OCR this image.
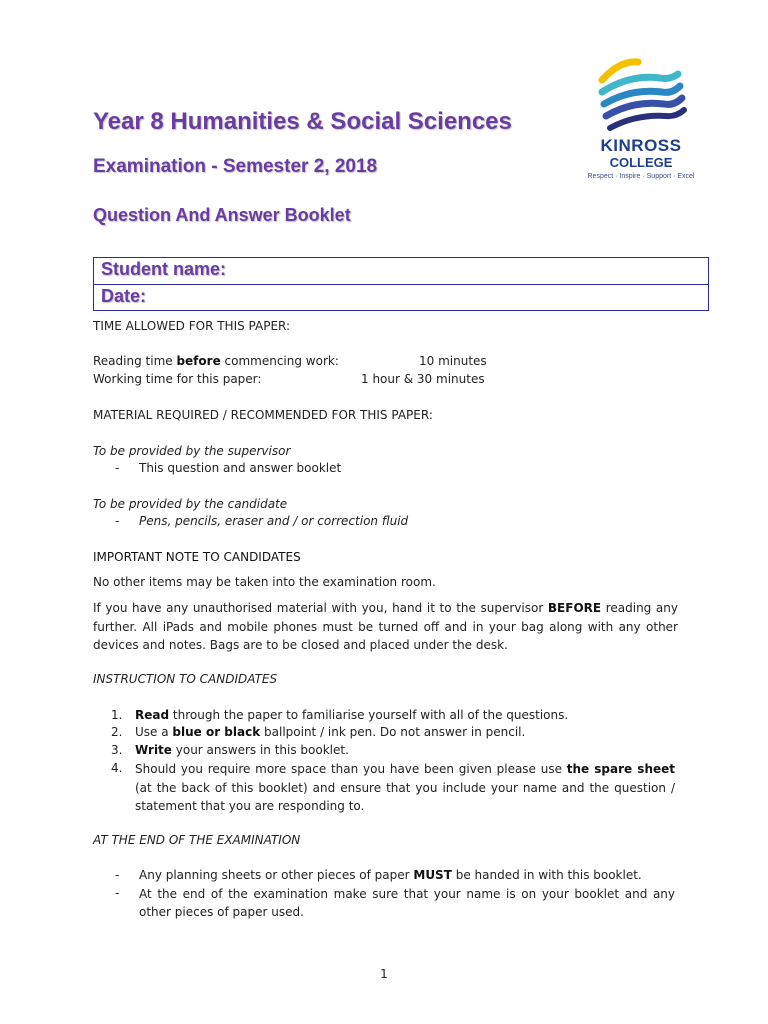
Year 8 Humanities & Social Sciences
Examination - Semester 2, 2018
Question And Answer Booklet
KINROSS
COLLEGE
Respect · Inspire · Support · Excel
Student name:
Date:
TIME ALLOWED FOR THIS PAPER:
Reading time before commencing work:	10 minutes
Working time for this paper:	1 hour & 30 minutes
MATERIAL REQUIRED / RECOMMENDED FOR THIS PAPER:
To be provided by the supervisor
- This question and answer booklet
To be provided by the candidate
- Pens, pencils, eraser and / or correction fluid
IMPORTANT NOTE TO CANDIDATES
No other items may be taken into the examination room.
If you have any unauthorised material with you, hand it to the supervisor BEFORE reading any further. All iPads and mobile phones must be turned off and in your bag along with any other devices and notes. Bags are to be closed and placed under the desk.
INSTRUCTION TO CANDIDATES
1. Read through the paper to familiarise yourself with all of the questions.
2. Use a blue or black ballpoint / ink pen. Do not answer in pencil.
3. Write your answers in this booklet.
4. Should you require more space than you have been given please use the spare sheet (at the back of this booklet) and ensure that you include your name and the question / statement that you are responding to.
AT THE END OF THE EXAMINATION
- Any planning sheets or other pieces of paper MUST be handed in with this booklet.
- At the end of the examination make sure that your name is on your booklet and any other pieces of paper used.
1
